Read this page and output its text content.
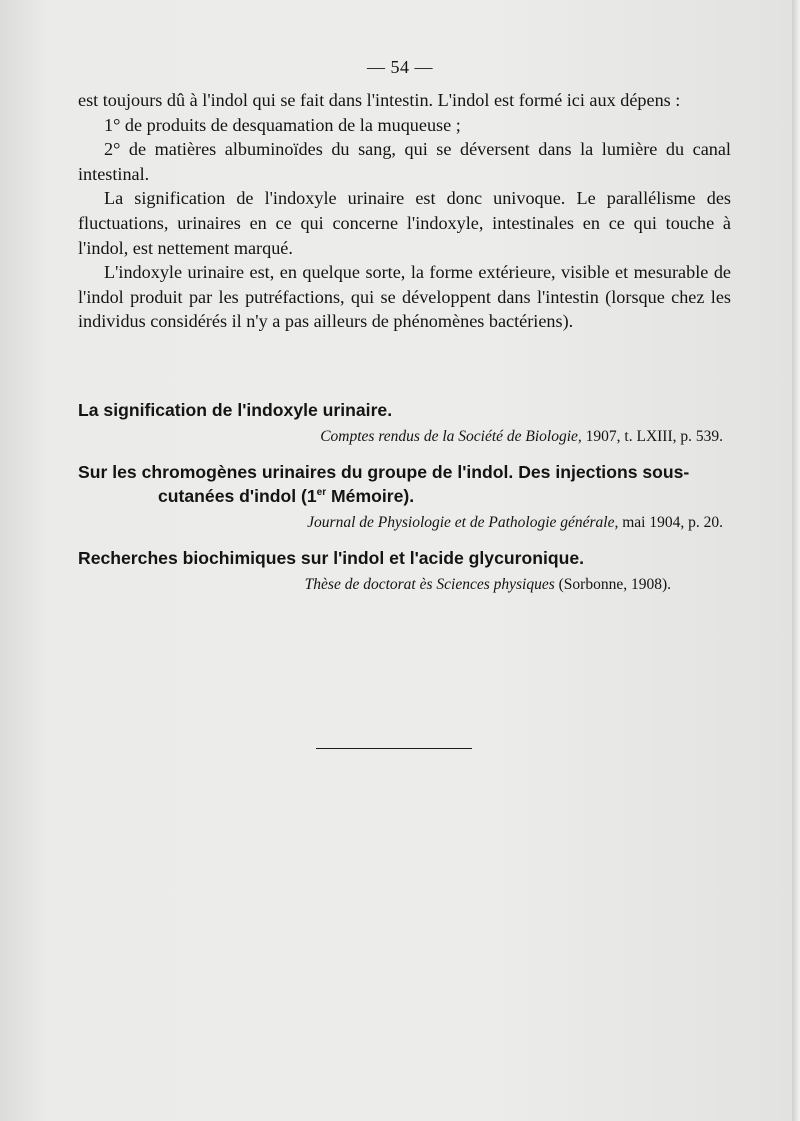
— 54 —

est toujours dû à l'indol qui se fait dans l'intestin. L'indol est formé ici aux dépens :

1° de produits de desquamation de la muqueuse ;

2° de matières albuminoïdes du sang, qui se déversent dans la lumière du canal intestinal.

La signification de l'indoxyle urinaire est donc univoque. Le parallélisme des fluctuations, urinaires en ce qui concerne l'indoxyle, intestinales en ce qui touche à l'indol, est nettement marqué.

L'indoxyle urinaire est, en quelque sorte, la forme extérieure, visible et mesurable de l'indol produit par les putréfactions, qui se développent dans l'intestin (lorsque chez les individus considérés il n'y a pas ailleurs de phénomènes bactériens).

La signification de l'indoxyle urinaire.

Comptes rendus de la Société de Biologie, 1907, t. LXIII, p. 539.

Sur les chromogènes urinaires du groupe de l'indol. Des injections sous-cutanées d'indol (1er Mémoire).

Journal de Physiologie et de Pathologie générale, mai 1904, p. 20.

Recherches biochimiques sur l'indol et l'acide glycuronique.

Thèse de doctorat ès Sciences physiques (Sorbonne, 1908).
